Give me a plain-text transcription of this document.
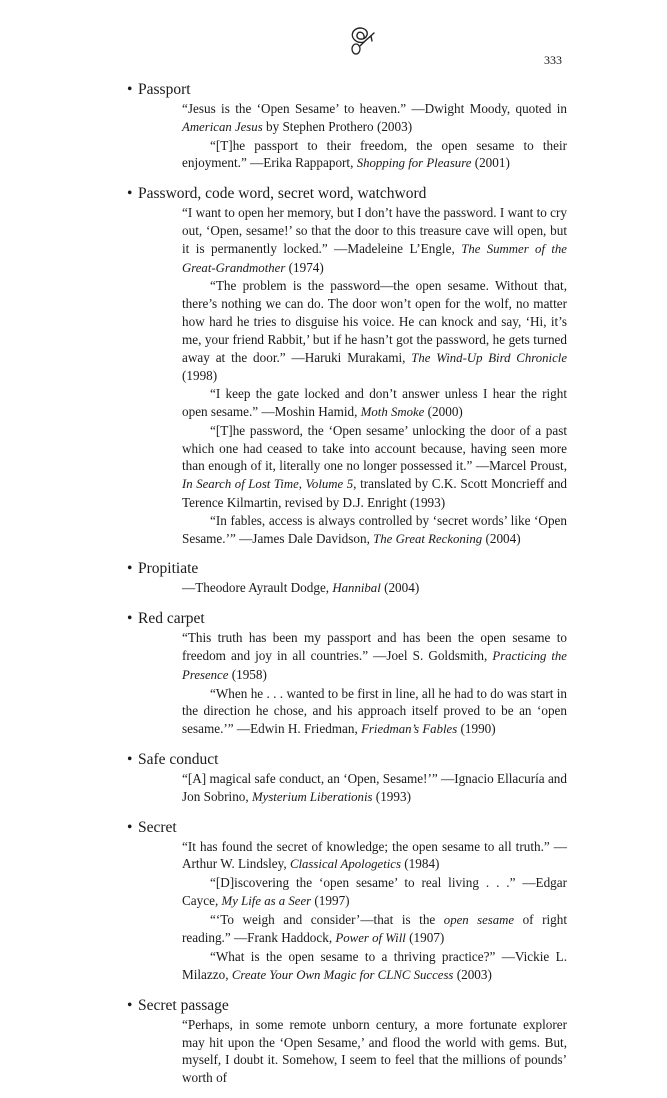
333
• Passport

“Jesus is the ‘Open Sesame’ to heaven.” —Dwight Moody, quoted in American Jesus by Stephen Prothero (2003)

“[T]he passport to their freedom, the open sesame to their enjoyment.” —Erika Rappaport, Shopping for Pleasure (2001)

• Password, code word, secret word, watchword

“I want to open her memory, but I don’t have the password. I want to cry out, ‘Open, sesame!’ so that the door to this treasure cave will open, but it is permanently locked.” —Madeleine L’Engle, The Summer of the Great-Grandmother (1974)

“The problem is the password—the open sesame. Without that, there’s nothing we can do. The door won’t open for the wolf, no matter how hard he tries to disguise his voice. He can knock and say, ‘Hi, it’s me, your friend Rabbit,’ but if he hasn’t got the password, he gets turned away at the door.” —Haruki Murakami, The Wind-Up Bird Chronicle (1998)

“I keep the gate locked and don’t answer unless I hear the right open sesame.” —Moshin Hamid, Moth Smoke (2000)

“[T]he password, the ‘Open sesame’ unlocking the door of a past which one had ceased to take into account because, having seen more than enough of it, literally one no longer possessed it.” —Marcel Proust, In Search of Lost Time, Volume 5, translated by C.K. Scott Moncrieff and Terence Kilmartin, revised by D.J. Enright (1993)

“In fables, access is always controlled by ‘secret words’ like ‘Open Sesame.’” —James Dale Davidson, The Great Reckoning (2004)

• Propitiate

—Theodore Ayrault Dodge, Hannibal (2004)

• Red carpet

“This truth has been my passport and has been the open sesame to freedom and joy in all countries.” —Joel S. Goldsmith, Practicing the Presence (1958)

“When he . . . wanted to be first in line, all he had to do was start in the direction he chose, and his approach itself proved to be an ‘open sesame.’” —Edwin H. Friedman, Friedman’s Fables (1990)

• Safe conduct

“[A] magical safe conduct, an ‘Open, Sesame!’” —Ignacio Ellacuría and Jon Sobrino, Mysterium Liberationis (1993)

• Secret

“It has found the secret of knowledge; the open sesame to all truth.” —Arthur W. Lindsley, Classical Apologetics (1984)

“[D]iscovering the ‘open sesame’ to real living . . .” —Edgar Cayce, My Life as a Seer (1997)

“‘To weigh and consider’—that is the open sesame of right reading.” —Frank Haddock, Power of Will (1907)

“What is the open sesame to a thriving practice?” —Vickie L. Milazzo, Create Your Own Magic for CLNC Success (2003)

• Secret passage

“Perhaps, in some remote unborn century, a more fortunate explorer may hit upon the ‘Open Sesame,’ and flood the world with gems. But, myself, I doubt it. Somehow, I seem to feel that the millions of pounds’ worth of
